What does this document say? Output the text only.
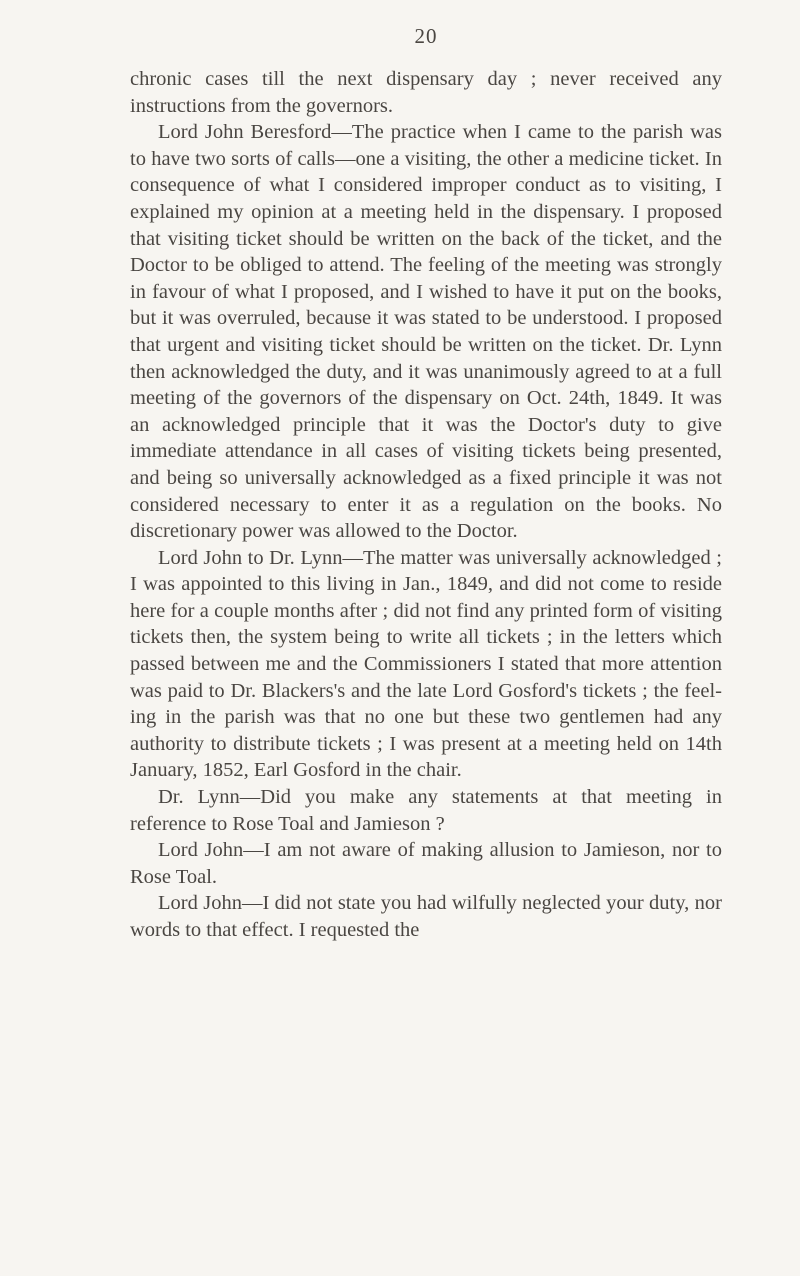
20

chronic cases till the next dispensary day ; never received any instructions from the governors.

Lord John Beresford—The practice when I came to the parish was to have two sorts of calls—one a visiting, the other a medicine ticket. In consequence of what I considered improper conduct as to visiting, I explained my opinion at a meeting held in the dispensary. I proposed that visiting ticket should be written on the back of the ticket, and the Doctor to be obliged to attend. The feeling of the meeting was strongly in favour of what I proposed, and I wished to have it put on the books, but it was overruled, because it was stated to be understood. I proposed that urgent and visiting ticket should be written on the ticket. Dr. Lynn then acknowledged the duty, and it was unanimously agreed to at a full meeting of the governors of the dispensary on Oct. 24th, 1849. It was an acknowledged principle that it was the Doctor's duty to give immediate attendance in all cases of visiting tickets being presented, and being so universally acknowledged as a fixed principle it was not considered necessary to enter it as a regulation on the books. No discretionary power was allowed to the Doctor.

Lord John to Dr. Lynn—The matter was universally acknowledged ; I was appointed to this living in Jan., 1849, and did not come to reside here for a couple months after ; did not find any printed form of visiting tickets then, the system being to write all tickets ; in the letters which passed between me and the Commissioners I stated that more attention was paid to Dr. Blackers's and the late Lord Gosford's tickets ; the feeling in the parish was that no one but these two gentlemen had any authority to distribute tickets ; I was present at a meeting held on 14th January, 1852, Earl Gosford in the chair.

Dr. Lynn—Did you make any statements at that meeting in reference to Rose Toal and Jamieson ?

Lord John—I am not aware of making allusion to Jamieson, nor to Rose Toal.

Lord John—I did not state you had wilfully neglected your duty, nor words to that effect. I requested the
